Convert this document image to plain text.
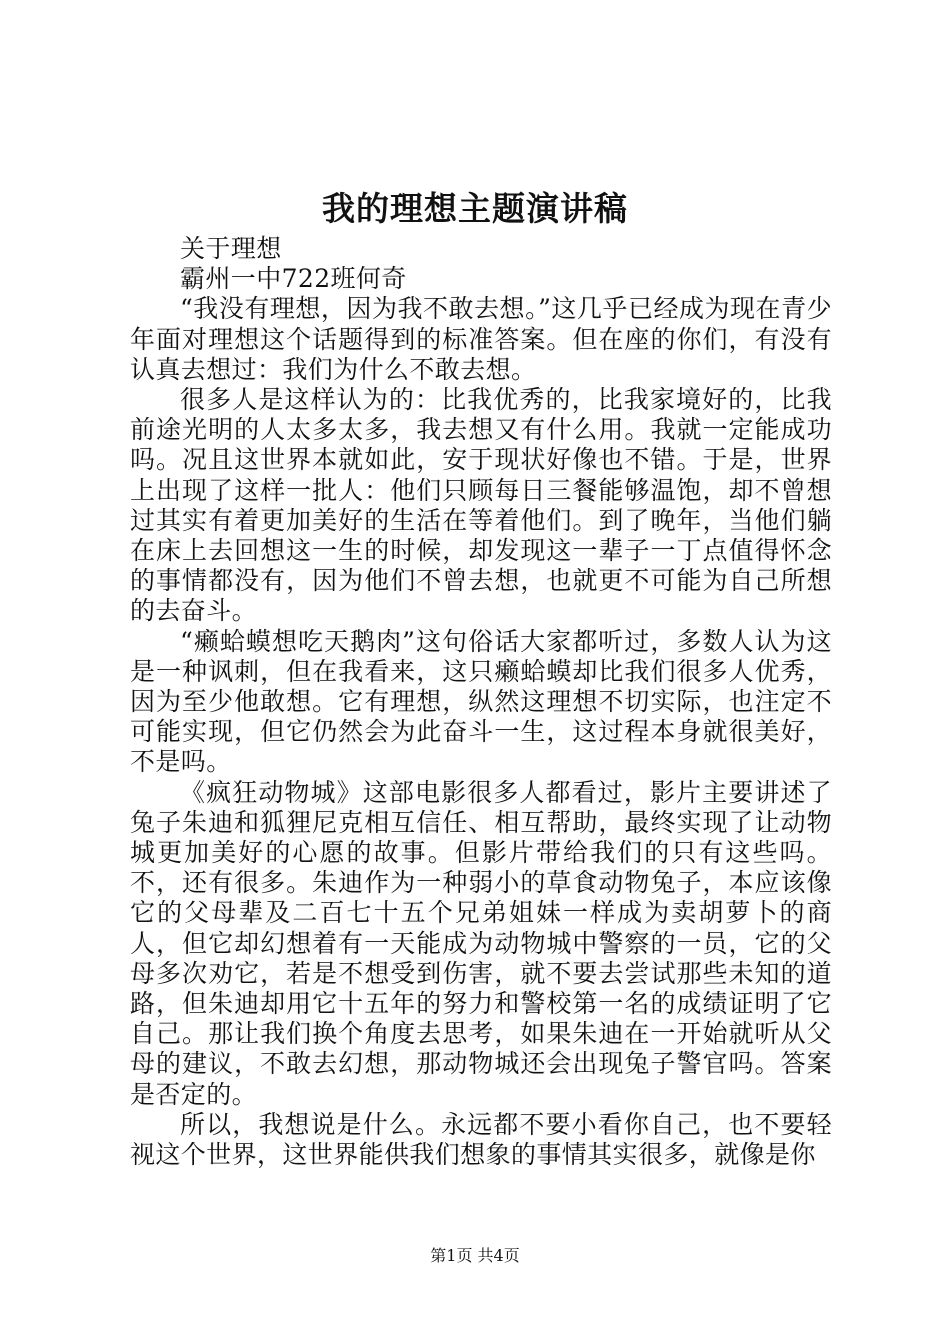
我的理想主题演讲稿

关于理想

霸州一中722班何奇

“我没有理想，因为我不敢去想。”这几乎已经成为现在青少年面对理想这个话题得到的标准答案。但在座的你们，有没有认真去想过：我们为什么不敢去想。

很多人是这样认为的：比我优秀的，比我家境好的，比我前途光明的人太多太多，我去想又有什么用。我就一定能成功吗。况且这世界本就如此，安于现状好像也不错。于是，世界上出现了这样一批人：他们只顾每日三餐能够温饱，却不曾想过其实有着更加美好的生活在等着他们。到了晚年，当他们躺在床上去回想这一生的时候，却发现这一辈子一丁点值得怀念的事情都没有，因为他们不曾去想，也就更不可能为自己所想的去奋斗。

“癞蛤蟆想吃天鹅肉”这句俗话大家都听过，多数人认为这是一种讽刺，但在我看来，这只癞蛤蟆却比我们很多人优秀，因为至少他敢想。它有理想，纵然这理想不切实际，也注定不可能实现，但它仍然会为此奋斗一生，这过程本身就很美好，不是吗。

《疯狂动物城》这部电影很多人都看过，影片主要讲述了兔子朱迪和狐狸尼克相互信任、相互帮助，最终实现了让动物城更加美好的心愿的故事。但影片带给我们的只有这些吗。不，还有很多。朱迪作为一种弱小的草食动物兔子，本应该像它的父母辈及二百七十五个兄弟姐妹一样成为卖胡萝卜的商人，但它却幻想着有一天能成为动物城中警察的一员，它的父母多次劝它，若是不想受到伤害，就不要去尝试那些未知的道路，但朱迪却用它十五年的努力和警校第一名的成绩证明了它自己。那让我们换个角度去思考，如果朱迪在一开始就听从父母的建议，不敢去幻想，那动物城还会出现兔子警官吗。答案是否定的。

所以，我想说是什么。永远都不要小看你自己，也不要轻视这个世界，这世界能供我们想象的事情其实很多，就像是你

第1页 共4页
